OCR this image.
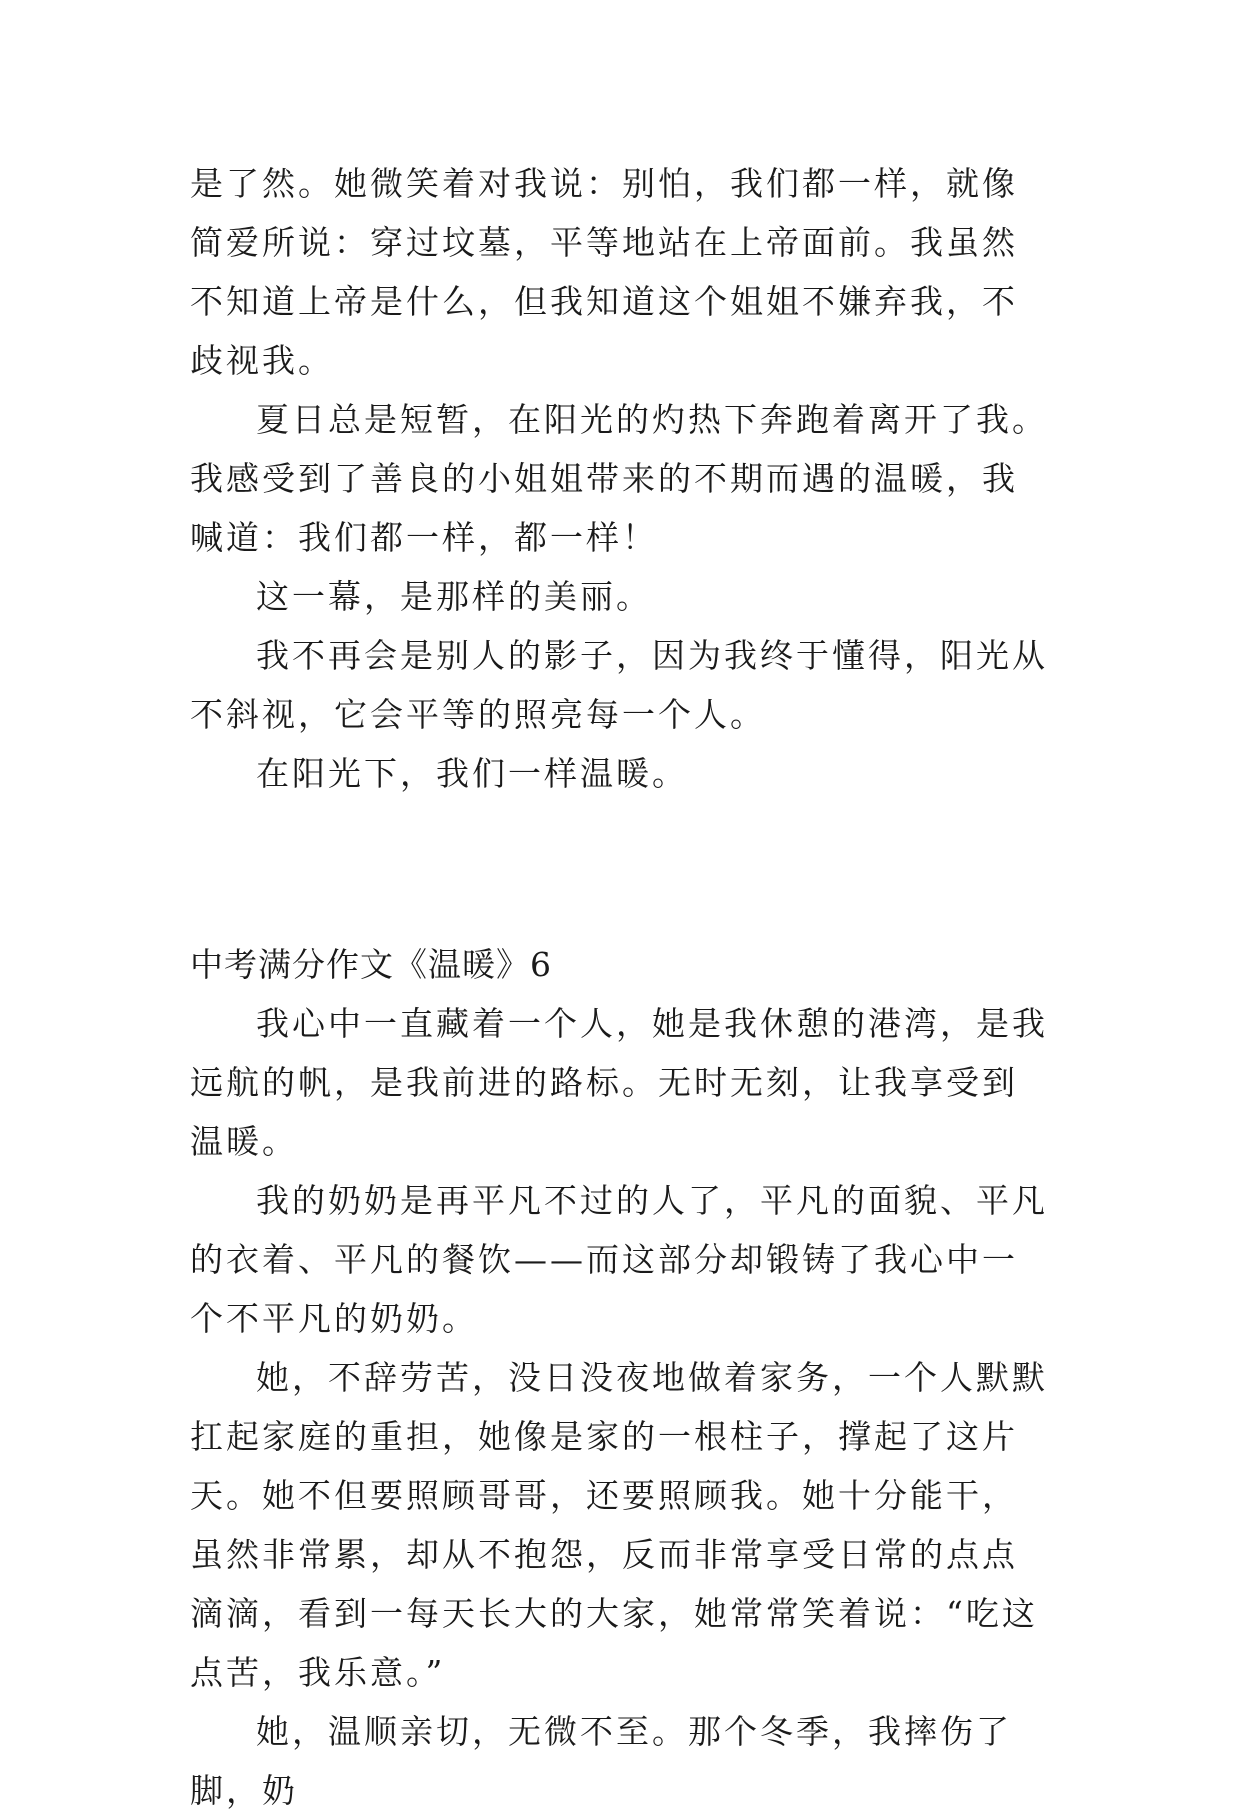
是了然。她微笑着对我说：别怕，我们都一样，就像简爱所说：穿过坟墓，平等地站在上帝面前。我虽然不知道上帝是什么，但我知道这个姐姐不嫌弃我，不歧视我。

夏日总是短暂，在阳光的灼热下奔跑着离开了我。我感受到了善良的小姐姐带来的不期而遇的温暖，我喊道：我们都一样，都一样！

这一幕，是那样的美丽。

我不再会是别人的影子，因为我终于懂得，阳光从不斜视，它会平等的照亮每一个人。

在阳光下，我们一样温暖。

中考满分作文《温暖》6

我心中一直藏着一个人，她是我休憩的港湾，是我远航的帆，是我前进的路标。无时无刻，让我享受到温暖。

我的奶奶是再平凡不过的人了，平凡的面貌、平凡的衣着、平凡的餐饮——而这部分却锻铸了我心中一个不平凡的奶奶。

她，不辞劳苦，没日没夜地做着家务，一个人默默扛起家庭的重担，她像是家的一根柱子，撑起了这片天。她不但要照顾哥哥，还要照顾我。她十分能干，虽然非常累，却从不抱怨，反而非常享受日常的点点滴滴，看到一每天长大的大家，她常常笑着说：“吃这点苦，我乐意。”

她，温顺亲切，无微不至。那个冬季，我摔伤了脚，奶
